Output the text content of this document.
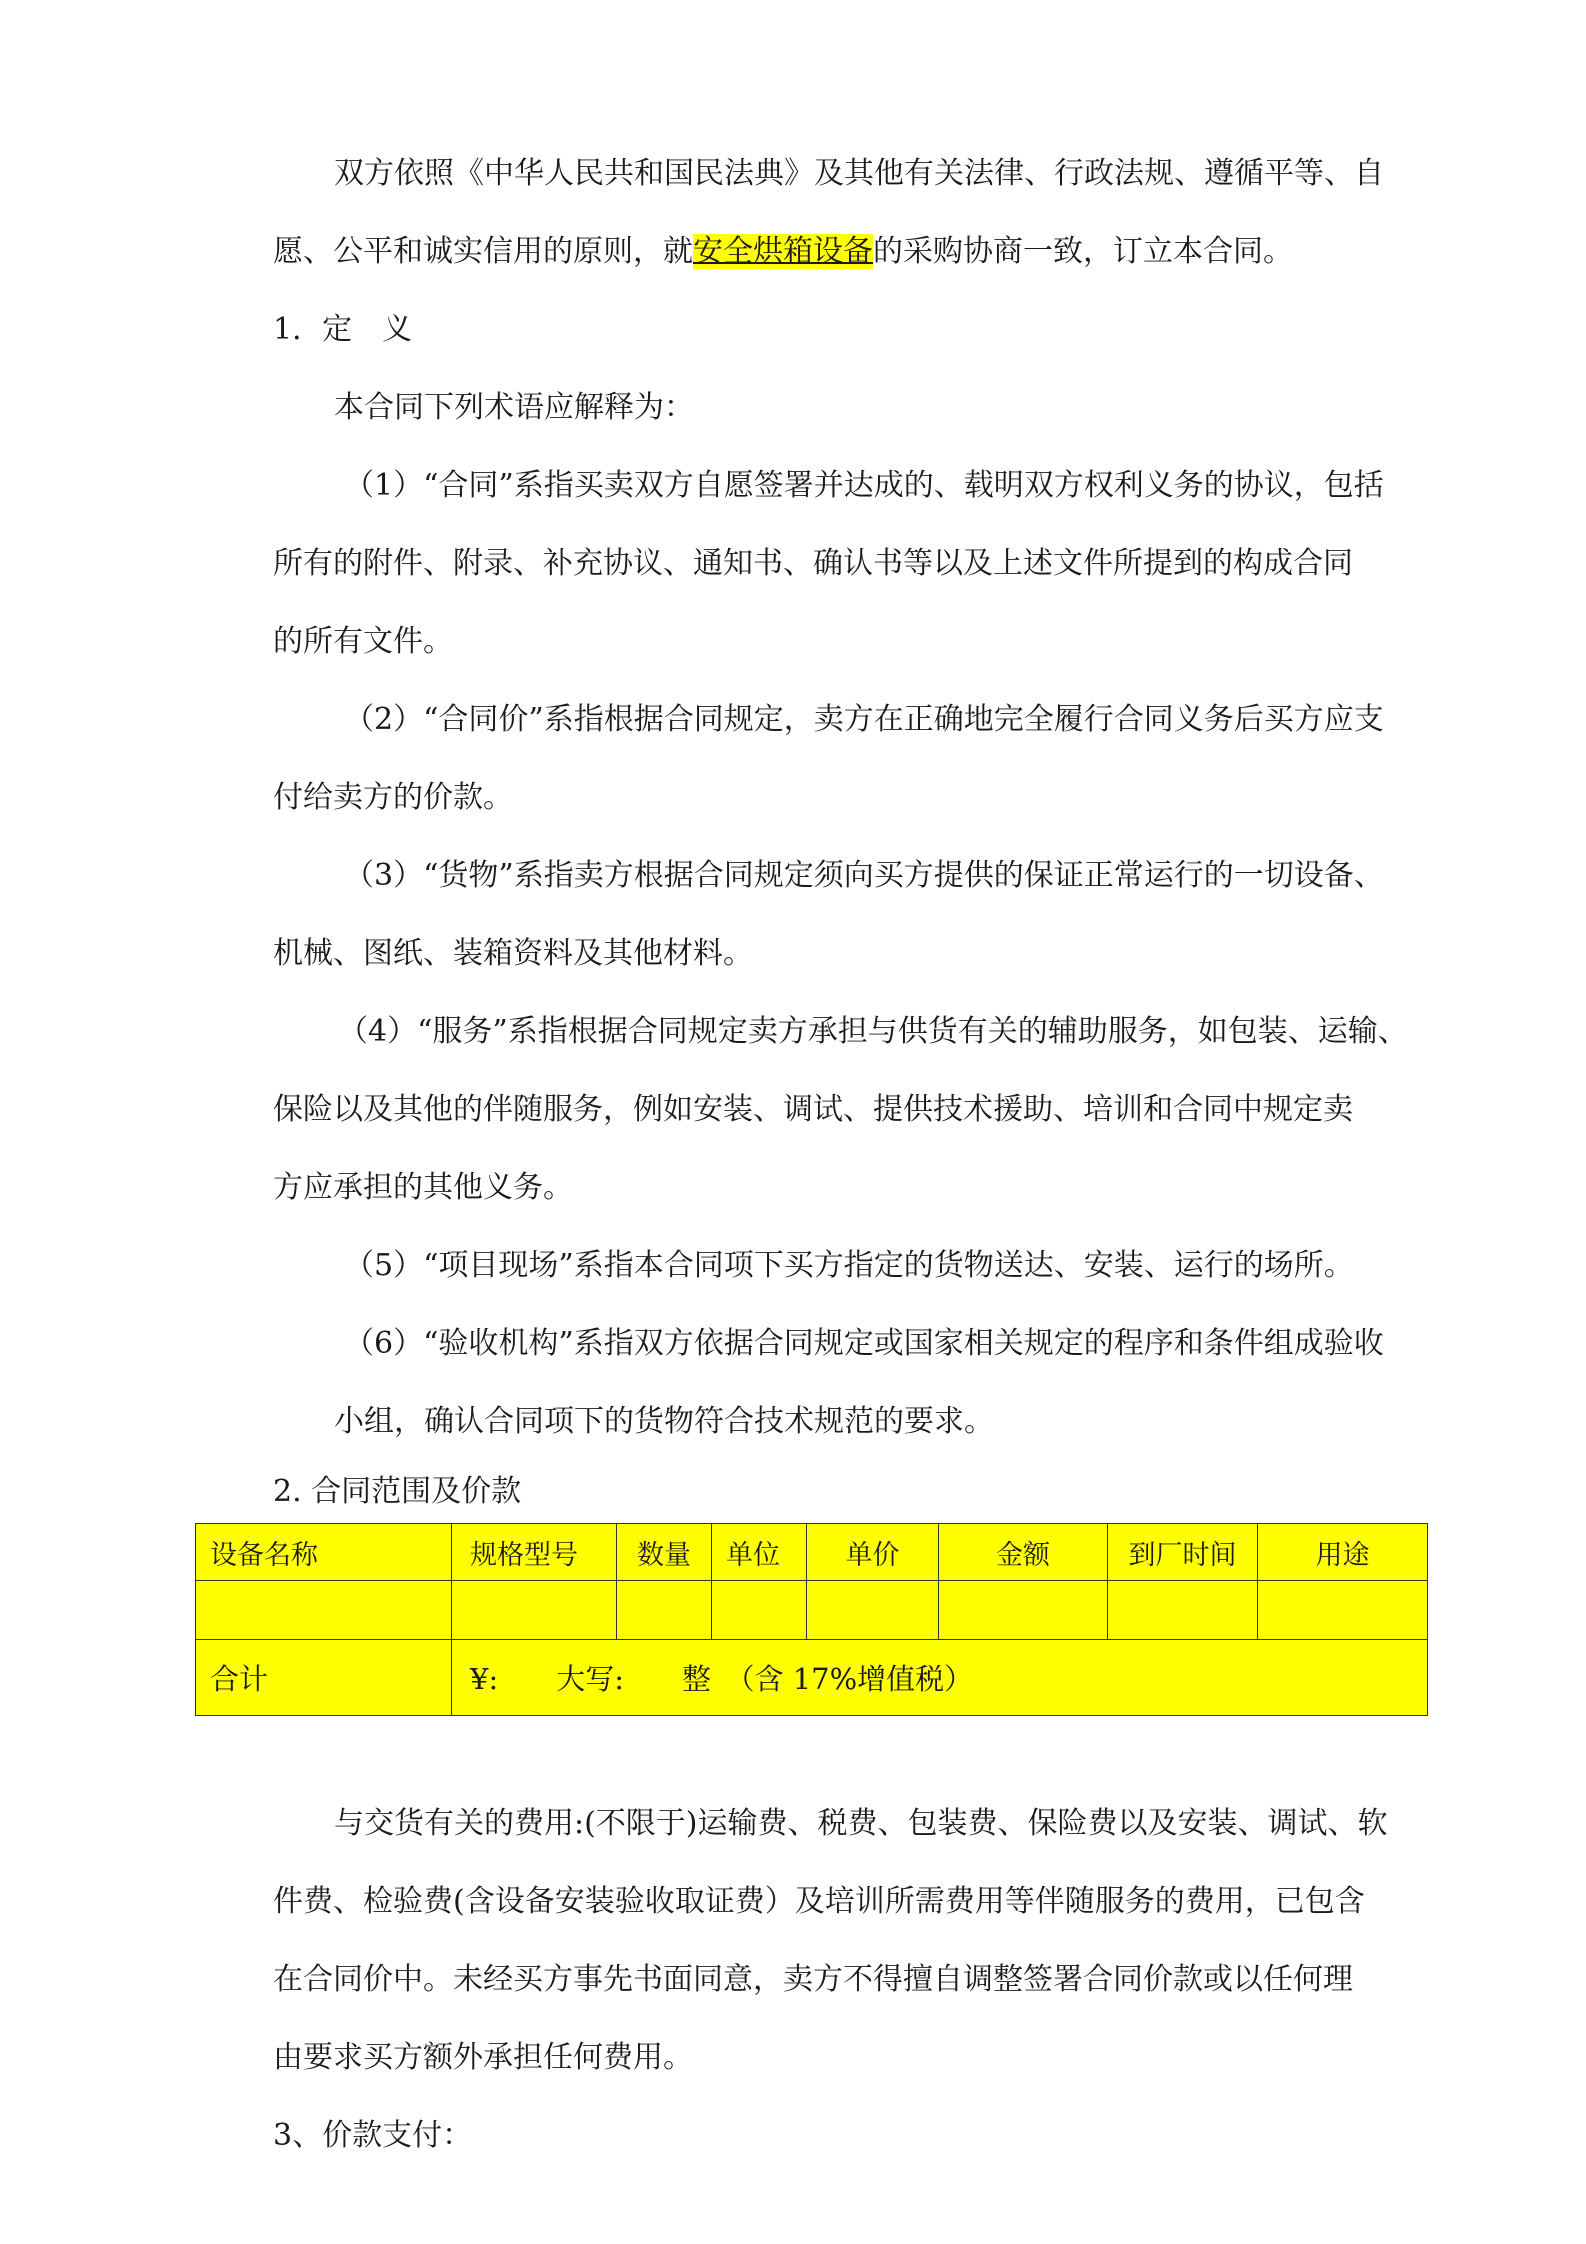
双方依照《中华人民共和国民法典》及其他有关法律、行政法规、遵循平等、自
愿、公平和诚实信用的原则，就安全烘箱设备的采购协商一致，订立本合同。
1．定　义
本合同下列术语应解释为：
（1）“合同”系指买卖双方自愿签署并达成的、载明双方权利义务的协议，包括
所有的附件、附录、补充协议、通知书、确认书等以及上述文件所提到的构成合同
的所有文件。
（2）“合同价”系指根据合同规定，卖方在正确地完全履行合同义务后买方应支
付给卖方的价款。
（3）“货物”系指卖方根据合同规定须向买方提供的保证正常运行的一切设备、
机械、图纸、装箱资料及其他材料。
（4）“服务”系指根据合同规定卖方承担与供货有关的辅助服务，如包装、运输、
保险以及其他的伴随服务，例如安装、调试、提供技术援助、培训和合同中规定卖
方应承担的其他义务。
（5）“项目现场”系指本合同项下买方指定的货物送达、安装、运行的场所。
（6）“验收机构”系指双方依据合同规定或国家相关规定的程序和条件组成验收
小组，确认合同项下的货物符合技术规范的要求。
2. 合同范围及价款
设备名称	规格型号	数量	单位	单价	金额	到厂时间	用途

合计	¥:　　大写:　　整　（含 17%增值税）						
与交货有关的费用:(不限于)运输费、税费、包装费、保险费以及安装、调试、软
件费、检验费(含设备安装验收取证费）及培训所需费用等伴随服务的费用，已包含
在合同价中。未经买方事先书面同意，卖方不得擅自调整签署合同价款或以任何理
由要求买方额外承担任何费用。
3、价款支付：
